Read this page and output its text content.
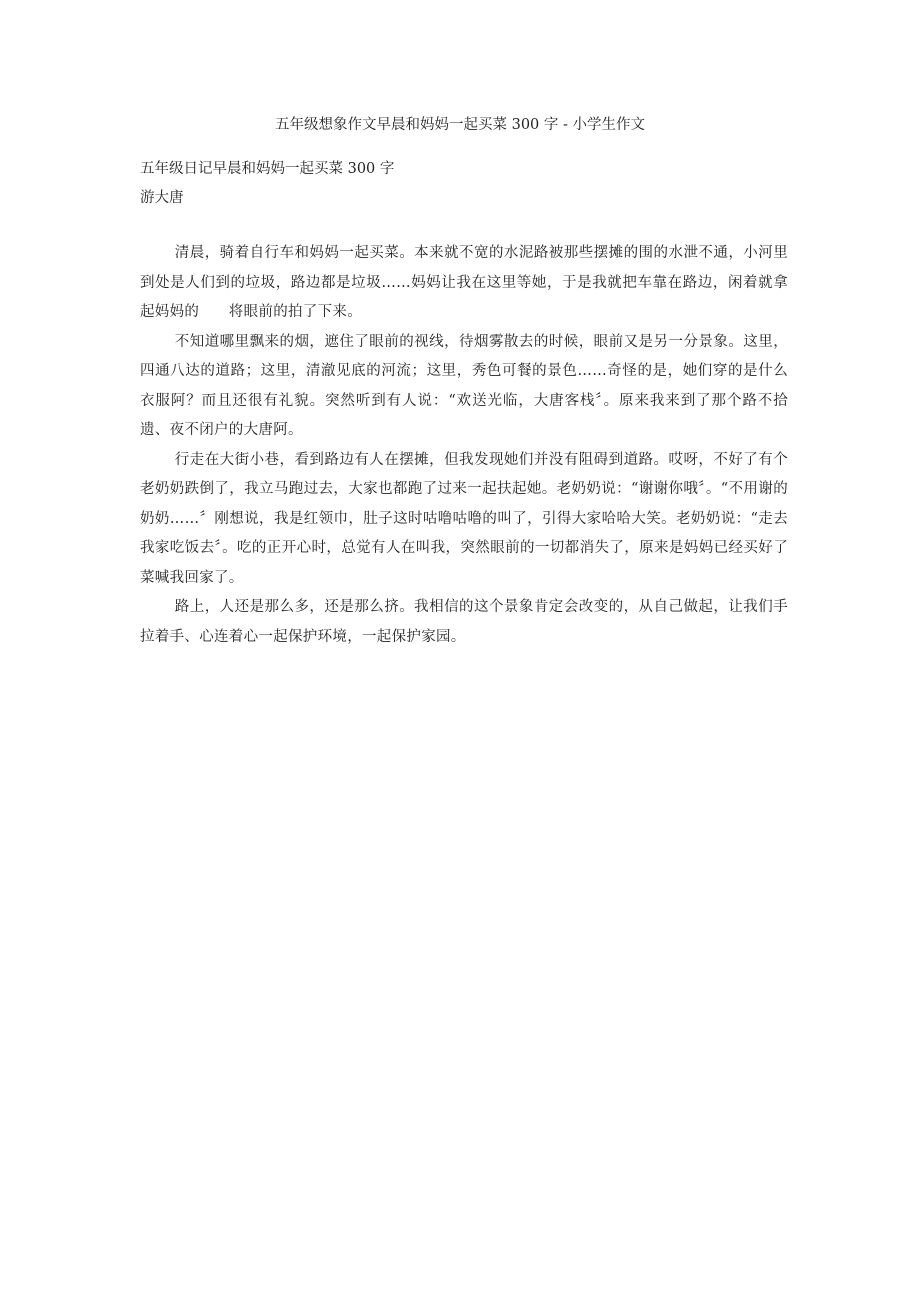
五年级想象作文早晨和妈妈一起买菜 300 字 - 小学生作文
五年级日记早晨和妈妈一起买菜 300 字
游大唐

清晨，骑着自行车和妈妈一起买菜。本来就不宽的水泥路被那些摆摊的围的水泄不通，小河里到处是人们到的垃圾，路边都是垃圾……妈妈让我在这里等她，于是我就把车靠在路边，闲着就拿起妈妈的　　将眼前的拍了下来。

不知道哪里飘来的烟，遮住了眼前的视线，待烟雾散去的时候，眼前又是另一分景象。这里，四通八达的道路；这里，清澈见底的河流；这里，秀色可餐的景色……奇怪的是，她们穿的是什么衣服阿？而且还很有礼貌。突然听到有人说：“欢送光临，大唐客栈〞。原来我来到了那个路不拾遗、夜不闭户的大唐阿。

行走在大街小巷，看到路边有人在摆摊，但我发现她们并没有阻碍到道路。哎呀，不好了有个老奶奶跌倒了，我立马跑过去，大家也都跑了过来一起扶起她。老奶奶说：“谢谢你哦〞。“不用谢的奶奶……〞刚想说，我是红领巾，肚子这时咕噜咕噜的叫了，引得大家哈哈大笑。老奶奶说：“走去我家吃饭去〞。吃的正开心时，总觉有人在叫我，突然眼前的一切都消失了，原来是妈妈已经买好了菜喊我回家了。

路上，人还是那么多，还是那么挤。我相信的这个景象肯定会改变的，从自己做起，让我们手拉着手、心连着心一起保护环境，一起保护家园。
